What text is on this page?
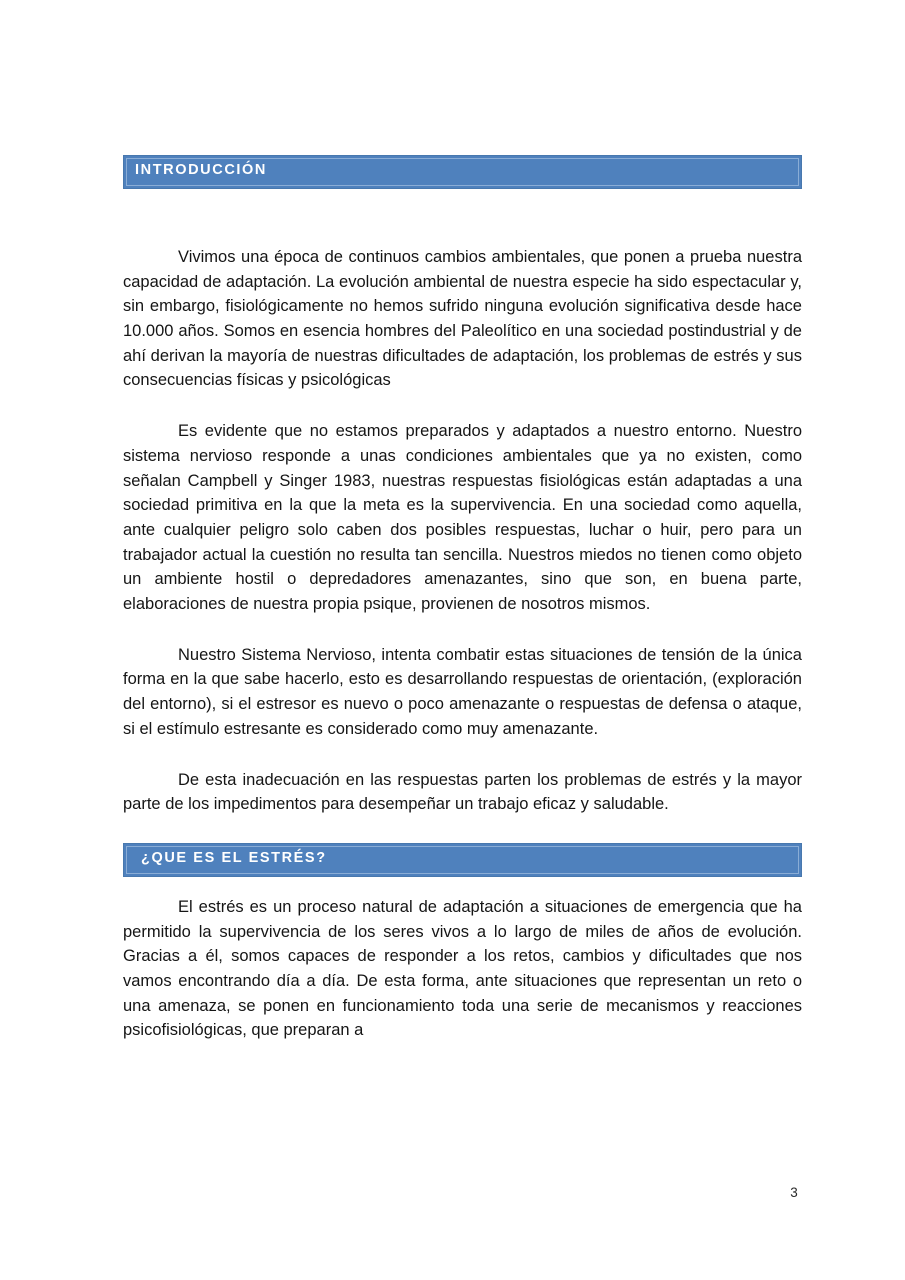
INTRODUCCIÓN

Vivimos una época de continuos cambios ambientales, que ponen a prueba nuestra capacidad de adaptación. La evolución ambiental de nuestra especie ha sido espectacular y, sin embargo, fisiológicamente no hemos sufrido ninguna evolución significativa desde hace 10.000 años. Somos en esencia hombres del Paleolítico en una sociedad postindustrial y de ahí derivan la mayoría de nuestras dificultades de adaptación, los problemas de estrés y sus consecuencias físicas y psicológicas

Es evidente que no estamos preparados y adaptados a nuestro entorno. Nuestro sistema nervioso responde a unas condiciones ambientales que ya no existen, como señalan Campbell y Singer 1983, nuestras respuestas fisiológicas están adaptadas a una sociedad primitiva en la que la meta es la supervivencia. En una sociedad como aquella, ante cualquier peligro solo caben dos posibles respuestas, luchar o huir, pero para un trabajador actual la cuestión no resulta tan sencilla. Nuestros miedos no tienen como objeto un ambiente hostil o depredadores amenazantes, sino que son, en buena parte, elaboraciones de nuestra propia psique, provienen de nosotros mismos.

Nuestro Sistema Nervioso, intenta combatir estas situaciones de tensión de la única forma en la que sabe hacerlo, esto es desarrollando respuestas de orientación, (exploración del entorno), si el estresor es nuevo o poco amenazante o respuestas de defensa o ataque, si el estímulo estresante es considerado como muy amenazante.

De esta inadecuación en las respuestas parten los problemas de estrés y la mayor parte de los impedimentos para desempeñar un trabajo eficaz y saludable.

¿QUE ES EL ESTRÉS?

El estrés es un proceso natural de adaptación a situaciones de emergencia que ha permitido la supervivencia de los seres vivos a lo largo de miles de años de evolución. Gracias a él, somos capaces de responder a los retos, cambios y dificultades que nos vamos encontrando día a día. De esta forma, ante situaciones que representan un reto o una amenaza, se ponen en funcionamiento toda una serie de mecanismos y reacciones psicofisiológicas, que preparan a

3
